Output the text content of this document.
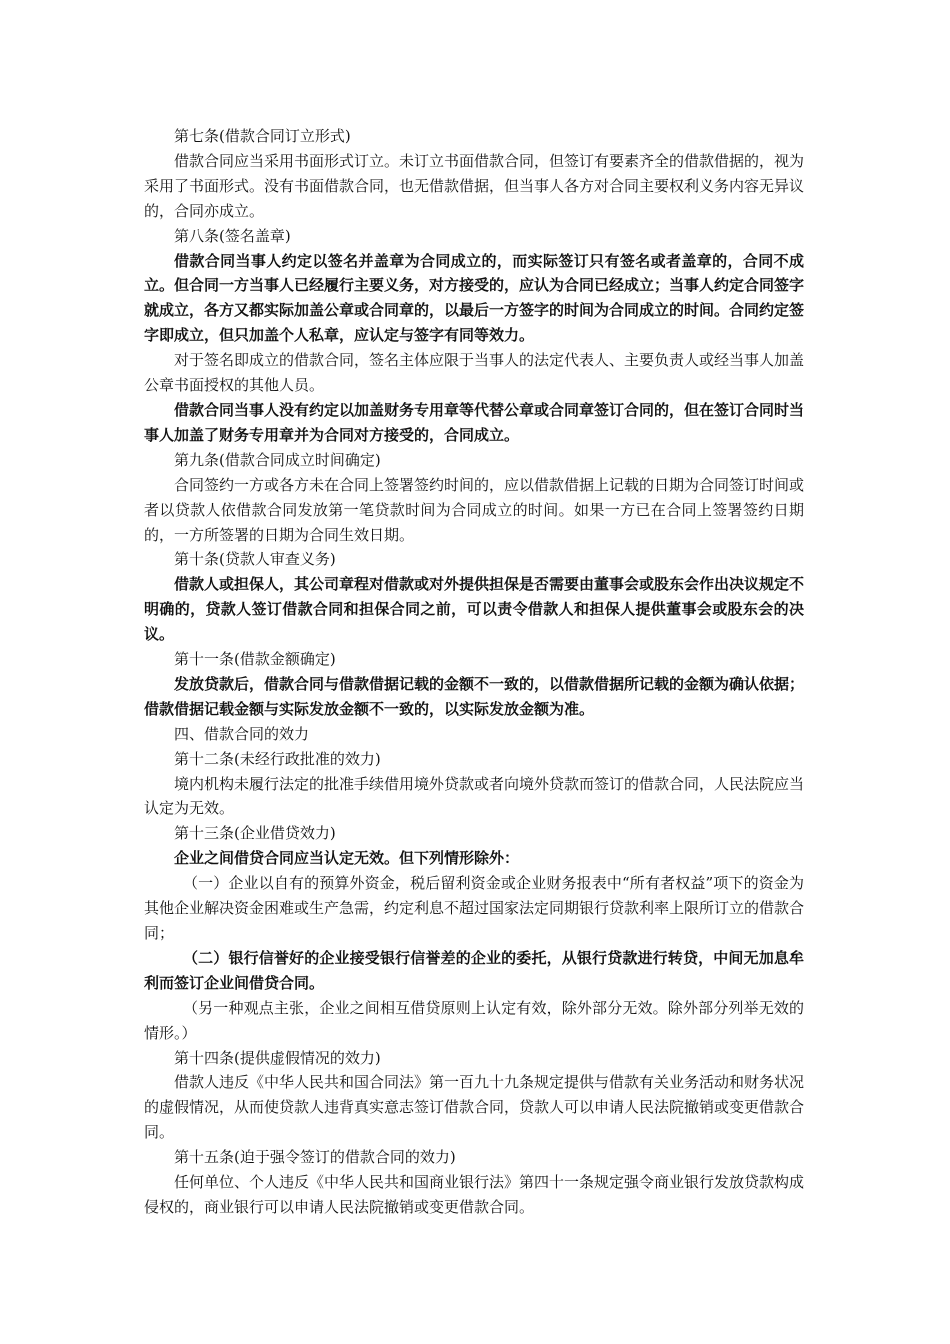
第七条(借款合同订立形式)

借款合同应当采用书面形式订立。未订立书面借款合同，但签订有要素齐全的借款借据的，视为采用了书面形式。没有书面借款合同，也无借款借据，但当事人各方对合同主要权利义务内容无异议的，合同亦成立。

第八条(签名盖章)

借款合同当事人约定以签名并盖章为合同成立的，而实际签订只有签名或者盖章的，合同不成立。但合同一方当事人已经履行主要义务，对方接受的，应认为合同已经成立；当事人约定合同签字就成立，各方又都实际加盖公章或合同章的，以最后一方签字的时间为合同成立的时间。合同约定签字即成立，但只加盖个人私章，应认定与签字有同等效力。

对于签名即成立的借款合同，签名主体应限于当事人的法定代表人、主要负责人或经当事人加盖公章书面授权的其他人员。

借款合同当事人没有约定以加盖财务专用章等代替公章或合同章签订合同的，但在签订合同时当事人加盖了财务专用章并为合同对方接受的，合同成立。

第九条(借款合同成立时间确定)

合同签约一方或各方未在合同上签署签约时间的，应以借款借据上记载的日期为合同签订时间或者以贷款人依借款合同发放第一笔贷款时间为合同成立的时间。如果一方已在合同上签署签约日期的，一方所签署的日期为合同生效日期。

第十条(贷款人审查义务)

借款人或担保人，其公司章程对借款或对外提供担保是否需要由董事会或股东会作出决议规定不明确的，贷款人签订借款合同和担保合同之前，可以责令借款人和担保人提供董事会或股东会的决议。

第十一条(借款金额确定)

发放贷款后，借款合同与借款借据记载的金额不一致的，以借款借据所记载的金额为确认依据；借款借据记载金额与实际发放金额不一致的，以实际发放金额为准。

四、借款合同的效力

第十二条(未经行政批准的效力)

境内机构未履行法定的批准手续借用境外贷款或者向境外贷款而签订的借款合同，人民法院应当认定为无效。

第十三条(企业借贷效力)

企业之间借贷合同应当认定无效。但下列情形除外：

（一）企业以自有的预算外资金，税后留利资金或企业财务报表中“所有者权益”项下的资金为其他企业解决资金困难或生产急需，约定利息不超过国家法定同期银行贷款利率上限所订立的借款合同；

（二）银行信誉好的企业接受银行信誉差的企业的委托，从银行贷款进行转贷，中间无加息牟利而签订企业间借贷合同。

（另一种观点主张，企业之间相互借贷原则上认定有效，除外部分无效。除外部分列举无效的情形。）

第十四条(提供虚假情况的效力)

借款人违反《中华人民共和国合同法》第一百九十九条规定提供与借款有关业务活动和财务状况的虚假情况，从而使贷款人违背真实意志签订借款合同，贷款人可以申请人民法院撤销或变更借款合同。

第十五条(迫于强令签订的借款合同的效力)

任何单位、个人违反《中华人民共和国商业银行法》第四十一条规定强令商业银行发放贷款构成侵权的，商业银行可以申请人民法院撤销或变更借款合同。
